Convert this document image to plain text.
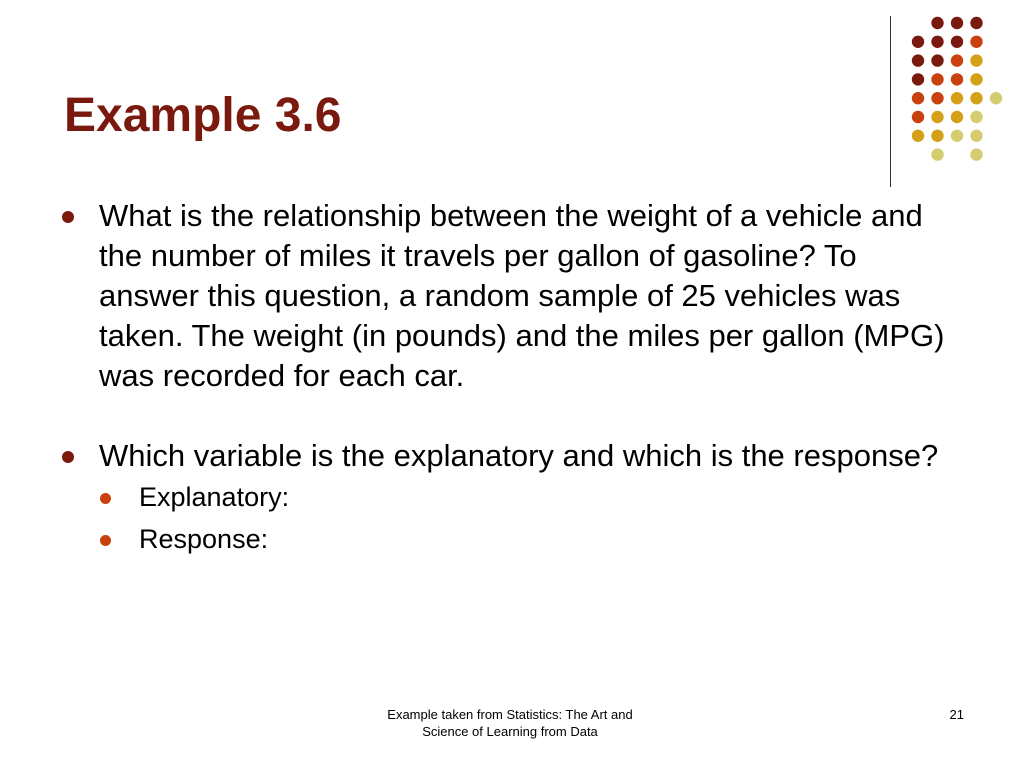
Example 3.6
What is the relationship between the weight of a vehicle and the number of miles it travels per gallon of gasoline? To answer this question, a random sample of 25 vehicles was taken. The weight (in pounds) and the miles per gallon (MPG) was recorded for each car.
Which variable is the explanatory and which is the response?
Explanatory:
Response:
Example taken from Statistics: The Art and
Science of Learning from Data
21
